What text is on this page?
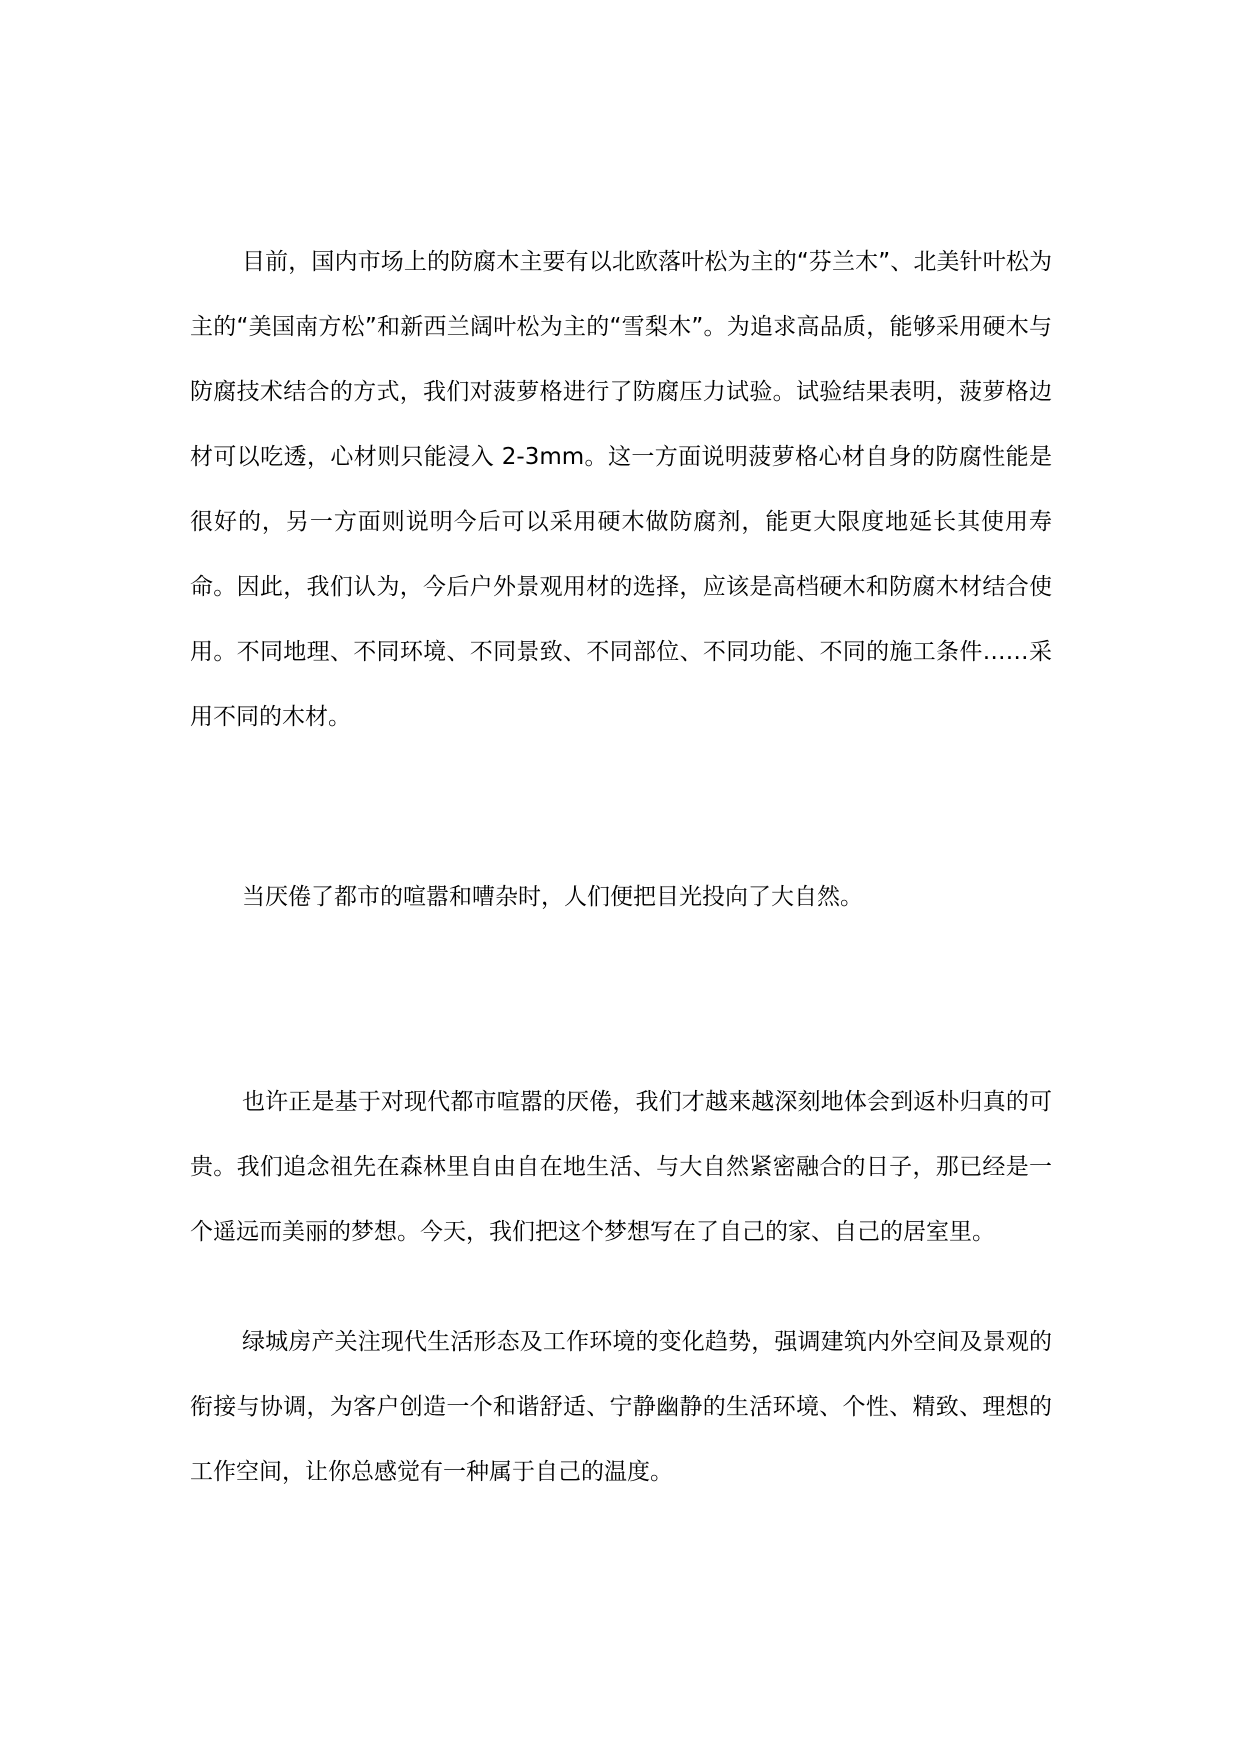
目前，国内市场上的防腐木主要有以北欧落叶松为主的“芬兰木”、北美针叶松为主的“美国南方松”和新西兰阔叶松为主的“雪梨木”。为追求高品质，能够采用硬木与防腐技术结合的方式，我们对菠萝格进行了防腐压力试验。试验结果表明，菠萝格边材可以吃透，心材则只能浸入 2-3mm。这一方面说明菠萝格心材自身的防腐性能是很好的，另一方面则说明今后可以采用硬木做防腐剂，能更大限度地延长其使用寿命。因此，我们认为，今后户外景观用材的选择，应该是高档硬木和防腐木材结合使用。不同地理、不同环境、不同景致、不同部位、不同功能、不同的施工条件……采用不同的木材。

当厌倦了都市的喧嚣和嘈杂时，人们便把目光投向了大自然。

也许正是基于对现代都市喧嚣的厌倦，我们才越来越深刻地体会到返朴归真的可贵。我们追念祖先在森林里自由自在地生活、与大自然紧密融合的日子，那已经是一个遥远而美丽的梦想。今天，我们把这个梦想写在了自己的家、自己的居室里。

绿城房产关注现代生活形态及工作环境的变化趋势，强调建筑内外空间及景观的衔接与协调，为客户创造一个和谐舒适、宁静幽静的生活环境、个性、精致、理想的工作空间，让你总感觉有一种属于自己的温度。
